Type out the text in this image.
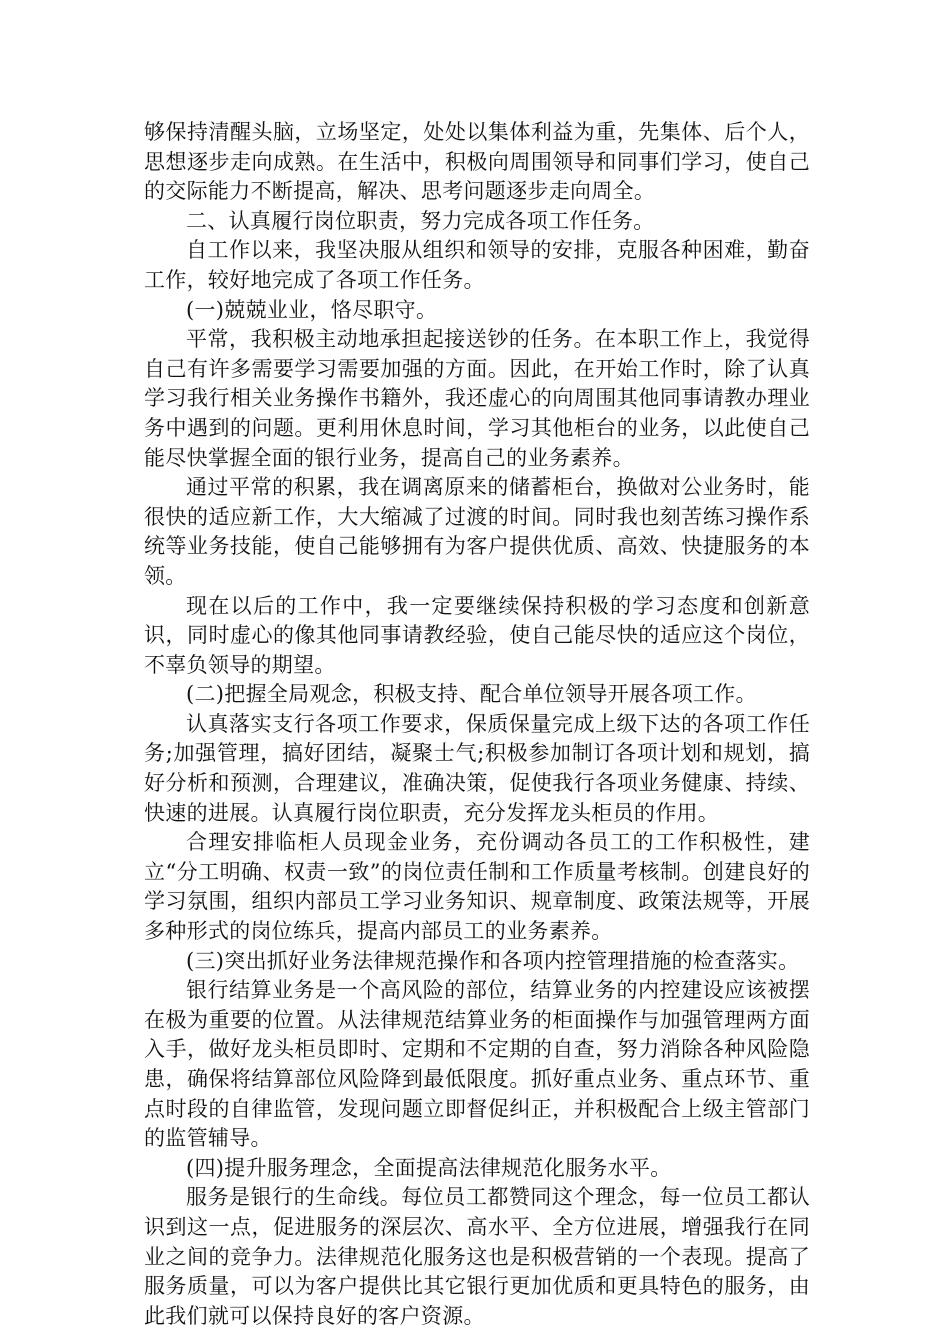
够保持清醒头脑，立场坚定，处处以集体利益为重，先集体、后个人，思想逐步走向成熟。在生活中，积极向周围领导和同事们学习，使自己的交际能力不断提高，解决、思考问题逐步走向周全。

二、认真履行岗位职责，努力完成各项工作任务。

自工作以来，我坚决服从组织和领导的安排，克服各种困难，勤奋工作，较好地完成了各项工作任务。

(一)兢兢业业，恪尽职守。

平常，我积极主动地承担起接送钞的任务。在本职工作上，我觉得自己有许多需要学习需要加强的方面。因此，在开始工作时，除了认真学习我行相关业务操作书籍外，我还虚心的向周围其他同事请教办理业务中遇到的问题。更利用休息时间，学习其他柜台的业务，以此使自己能尽快掌握全面的银行业务，提高自己的业务素养。

通过平常的积累，我在调离原来的储蓄柜台，换做对公业务时，能很快的适应新工作，大大缩减了过渡的时间。同时我也刻苦练习操作系统等业务技能，使自己能够拥有为客户提供优质、高效、快捷服务的本领。

现在以后的工作中，我一定要继续保持积极的学习态度和创新意识，同时虚心的像其他同事请教经验，使自己能尽快的适应这个岗位，不辜负领导的期望。

(二)把握全局观念，积极支持、配合单位领导开展各项工作。

认真落实支行各项工作要求，保质保量完成上级下达的各项工作任务;加强管理，搞好团结，凝聚士气;积极参加制订各项计划和规划，搞好分析和预测，合理建议，准确决策，促使我行各项业务健康、持续、快速的进展。认真履行岗位职责，充分发挥龙头柜员的作用。

合理安排临柜人员现金业务，充份调动各员工的工作积极性，建立“分工明确、权责一致”的岗位责任制和工作质量考核制。创建良好的学习氛围，组织内部员工学习业务知识、规章制度、政策法规等，开展多种形式的岗位练兵，提高内部员工的业务素养。

(三)突出抓好业务法律规范操作和各项内控管理措施的检查落实。

银行结算业务是一个高风险的部位，结算业务的内控建设应该被摆在极为重要的位置。从法律规范结算业务的柜面操作与加强管理两方面入手，做好龙头柜员即时、定期和不定期的自查，努力消除各种风险隐患，确保将结算部位风险降到最低限度。抓好重点业务、重点环节、重点时段的自律监管，发现问题立即督促纠正，并积极配合上级主管部门的监管辅导。

(四)提升服务理念，全面提高法律规范化服务水平。

服务是银行的生命线。每位员工都赞同这个理念，每一位员工都认识到这一点，促进服务的深层次、高水平、全方位进展，增强我行在同业之间的竞争力。法律规范化服务这也是积极营销的一个表现。提高了服务质量，可以为客户提供比其它银行更加优质和更具特色的服务，由此我们就可以保持良好的客户资源。
